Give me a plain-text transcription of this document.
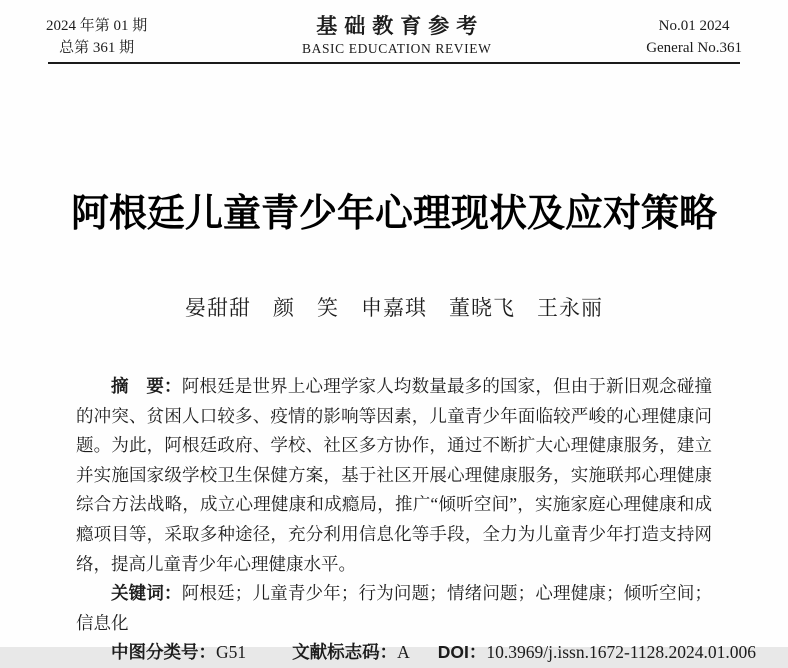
2024 年第 01 期
总第 361 期
基础教育参考
BASIC EDUCATION REVIEW
No.01 2024
General No.361
阿根廷儿童青少年心理现状及应对策略
晏甜甜　颜　笑　申嘉琪　董晓飞　王永丽

摘　要：阿根廷是世界上心理学家人均数量最多的国家，但由于新旧观念碰撞的冲突、贫困人口较多、疫情的影响等因素，儿童青少年面临较严峻的心理健康问题。为此，阿根廷政府、学校、社区多方协作，通过不断扩大心理健康服务，建立并实施国家级学校卫生保健方案，基于社区开展心理健康服务，实施联邦心理健康综合方法战略，成立心理健康和成瘾局，推广“倾听空间”，实施家庭心理健康和成瘾项目等，采取多种途径，充分利用信息化等手段，全力为儿童青少年打造支持网络，提高儿童青少年心理健康水平。

关键词：阿根廷；儿童青少年；行为问题；情绪问题；心理健康；倾听空间；信息化

中图分类号：G51	文献标志码：A DOI：10.3969/j.issn.1672-1128.2024.01.006
